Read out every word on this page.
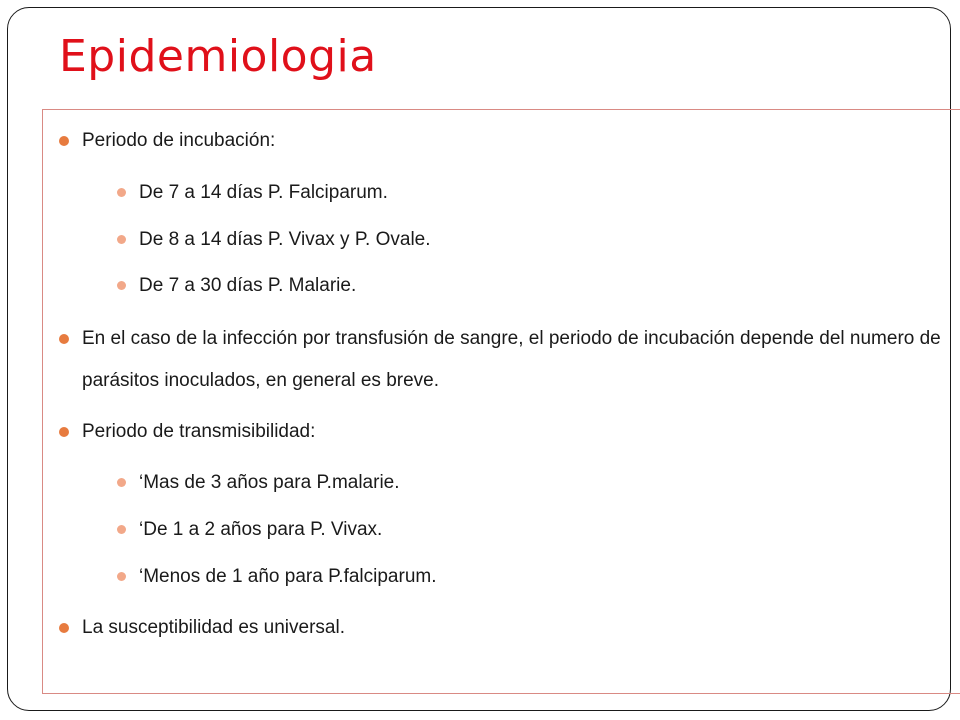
Epidemiologia
Periodo de incubación:
De 7 a 14 días P. Falciparum.
De 8 a 14 días P. Vivax y P. Ovale.
De 7 a 30 días P. Malarie.
En el caso de la infección por transfusión de sangre, el periodo de incubación depende del numero de parásitos inoculados, en general es breve.
Periodo de transmisibilidad:
‘Mas de 3 años para P.malarie.
‘De 1 a 2 años para P. Vivax.
‘Menos de 1 año para P.falciparum.
La susceptibilidad es universal.
